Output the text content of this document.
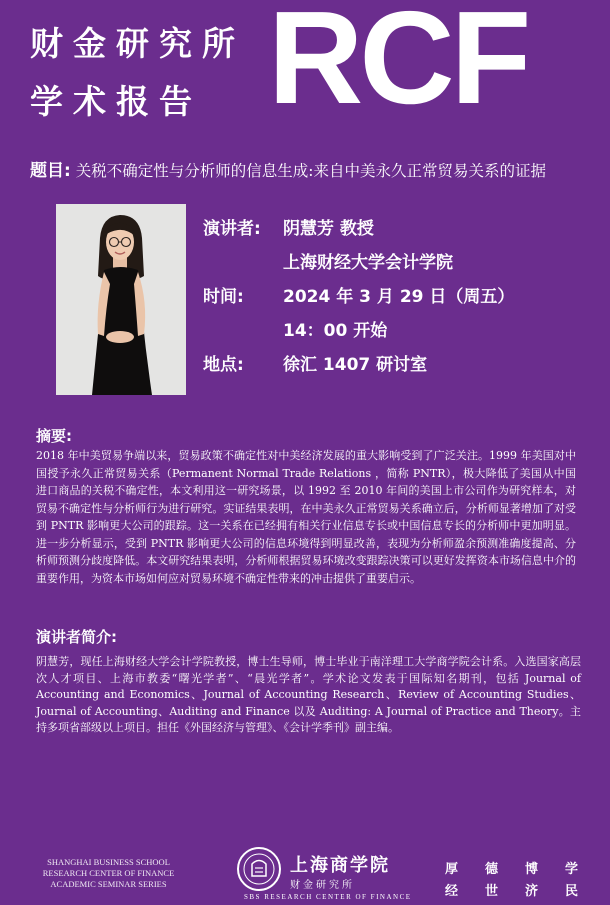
财金研究所
学术报告 RCF
题目: 关税不确定性与分析师的信息生成:来自中美永久正常贸易关系的证据
演讲者:	阴慧芳 教授
上海财经大学会计学院
时间:	2024 年 3 月 29 日（周五）
14：00 开始
地点:	徐汇 1407 研讨室
摘要:
2018 年中美贸易争端以来，贸易政策不确定性对中美经济发展的重大影响受到了广泛关注。1999 年美国对中国授予永久正常贸易关系（Permanent Normal Trade Relations ，简称 PNTR），极大降低了美国从中国进口商品的关税不确定性，本文利用这一研究场景，以 1992 至 2010 年间的美国上市公司作为研究样本，对贸易不确定性与分析师行为进行研究。实证结果表明，在中美永久正常贸易关系确立后，分析师显著增加了对受到 PNTR 影响更大公司的跟踪。这一关系在已经拥有相关行业信息专长或中国信息专长的分析师中更加明显。进一步分析显示，受到 PNTR 影响更大公司的信息环境得到明显改善，表现为分析师盈余预测准确度提高、分析师预测分歧度降低。本文研究结果表明，分析师根据贸易环境改变跟踪决策可以更好发挥资本市场信息中介的重要作用，为资本市场如何应对贸易环境不确定性带来的冲击提供了重要启示。
演讲者简介:
阴慧芳，现任上海财经大学会计学院教授，博士生导师，博士毕业于南洋理工大学商学院会计系。入选国家高层次人才项目、上海市教委“曙光学者”、“晨光学者”。学术论文发表于国际知名期刊，包括 Journal of Accounting and Economics、Journal of Accounting Research、Review of Accounting Studies、 Journal of Accounting、Auditing and Finance 以及 Auditing: A Journal of Practice and Theory。主持多项省部级以上项目。担任《外国经济与管理》、《会计学季刊》副主编。
SHANGHAI BUSINESS SCHOOL
RESEARCH CENTER OF FINANCE
ACADEMIC SEMINAR SERIES
上海商学院
财金研究所
SBS RESEARCH CENTER OF FINANCE
厚 德 博 学
经 世 济 民
